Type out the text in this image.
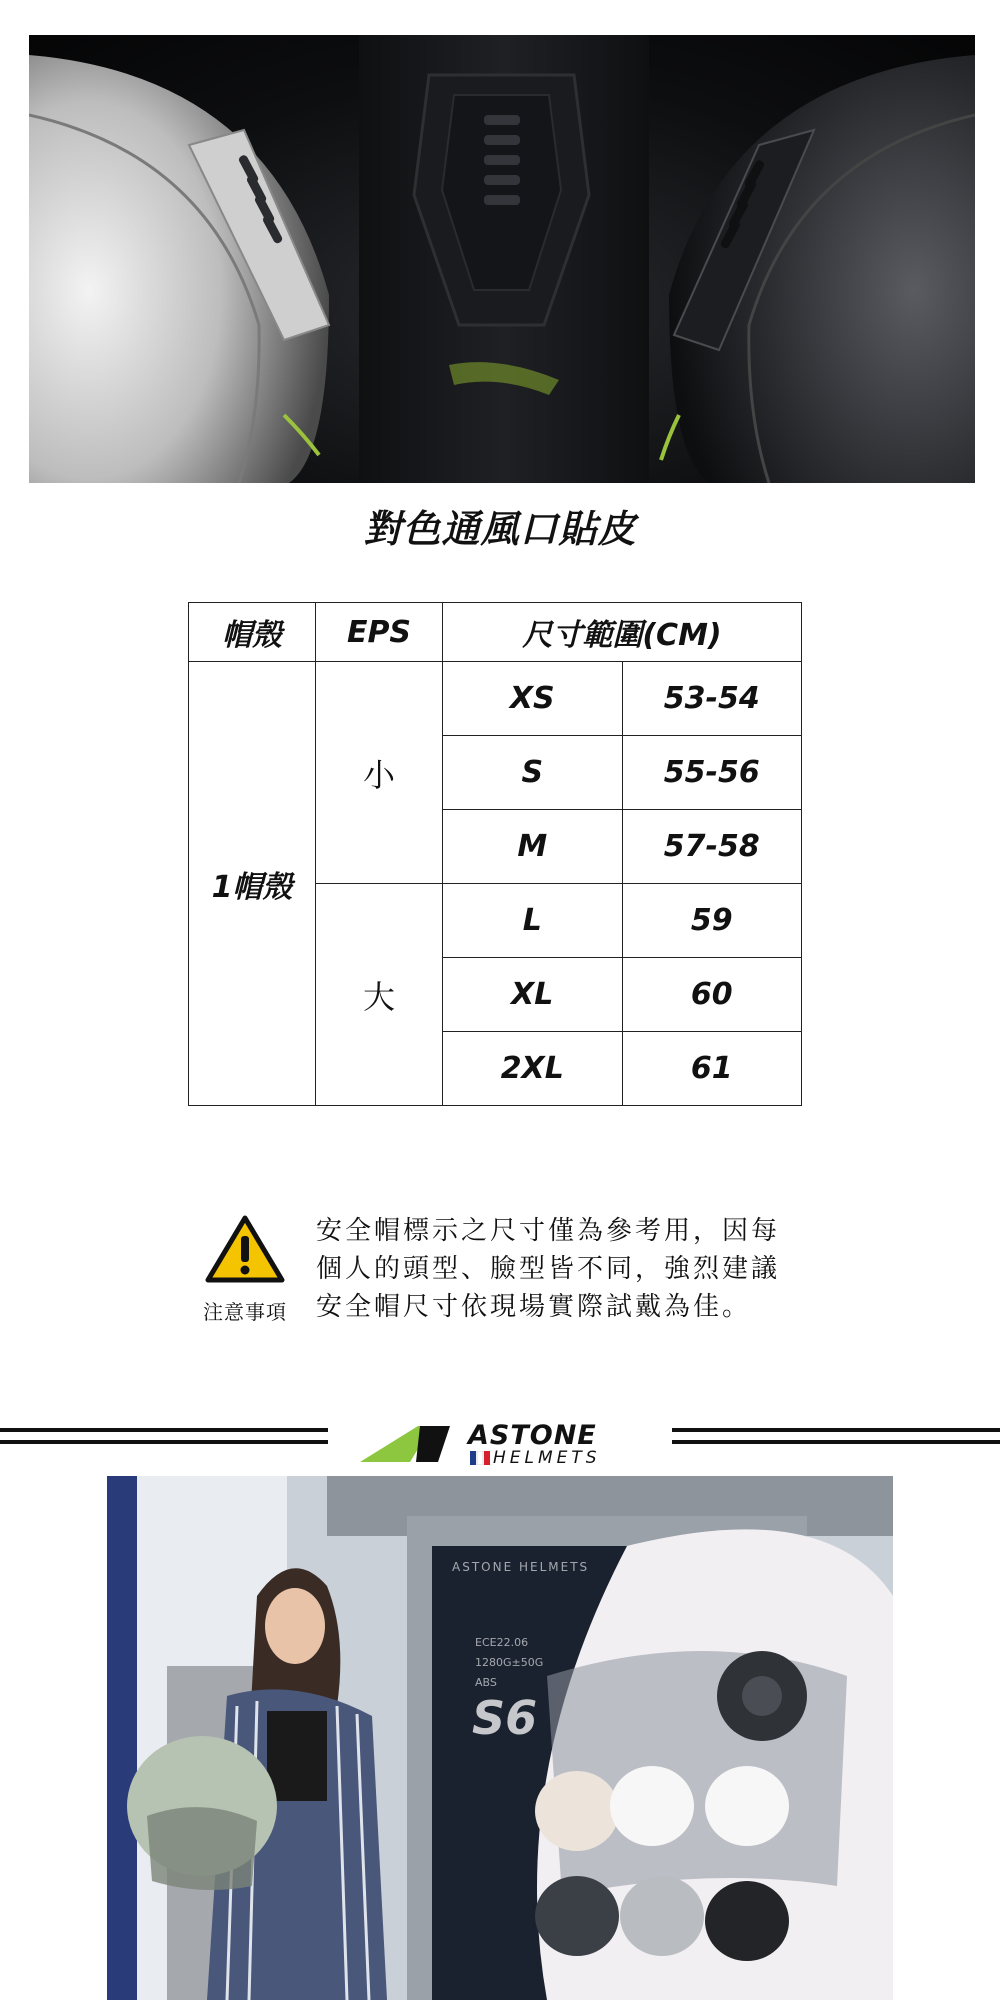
對色通風口貼皮
帽殼	EPS	尺寸範圍(CM)	
1帽殼	小	XS	53-54
		S	55-56
		M	57-58
	大	L	59
		XL	60
		2XL	61
注意事項
安全帽標示之尺寸僅為參考用，因每
個人的頭型、臉型皆不同，強烈建議
安全帽尺寸依現場實際試戴為佳。
ASTONE
HELMETS
ASTONE HELMETS
ECE22.06
1280G±50G
ABS
S6
